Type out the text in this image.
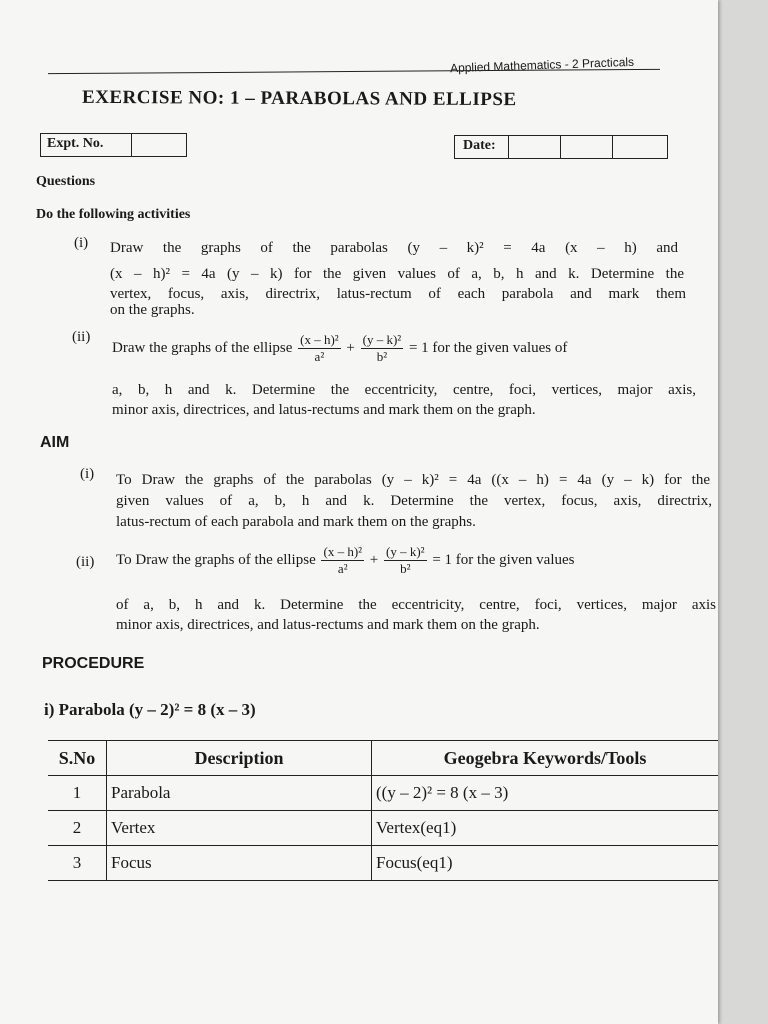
Applied Mathematics - 2 Practicals
EXERCISE NO: 1 – PARABOLAS AND ELLIPSE
Expt. No.	Date:
Questions
Do the following activities
(i) Draw the graphs of the parabolas (y – k)² = 4a (x – h) and
(x – h)² = 4a (y – k) for the given values of a, b, h and k. Determine the
vertex, focus, axis, directrix, latus-rectum of each parabola and mark them
on the graphs.
(ii)
Draw the graphs of the ellipse $\frac{\text{(x – h)²}}{\text{a²}} + \frac{\text{(y – k)²}}{\text{b²}} = 1$ for the given values of
a, b, h and k. Determine the eccentricity, centre, foci, vertices, major axis,
minor axis, directrices, and latus-rectums and mark them on the graph.
AIM
(i) To Draw the graphs of the parabolas (y – k)² = 4a ((x – h) = 4a (y – k) for the
given values of a, b, h and k. Determine the vertex, focus, axis, directrix,
latus-rectum of each parabola and mark them on the graphs.
(ii) To Draw the graphs of the ellipse $\frac{\text{(x – h)²}}{\text{a²}} + \frac{\text{(y – k)²}}{\text{b²}} = 1$ for the given values
of a, b, h and k. Determine the eccentricity, centre, foci, vertices, major axis
minor axis, directrices, and latus-rectums and mark them on the graph.
PROCEDURE
i) Parabola (y – 2)² = 8 (x – 3)
S.No	Description	Geogebra Keywords/Tools
1	Parabola	((y – 2)² = 8 (x – 3)
2	Vertex	Vertex(eq1)
3	Focus	Focus(eq1)
